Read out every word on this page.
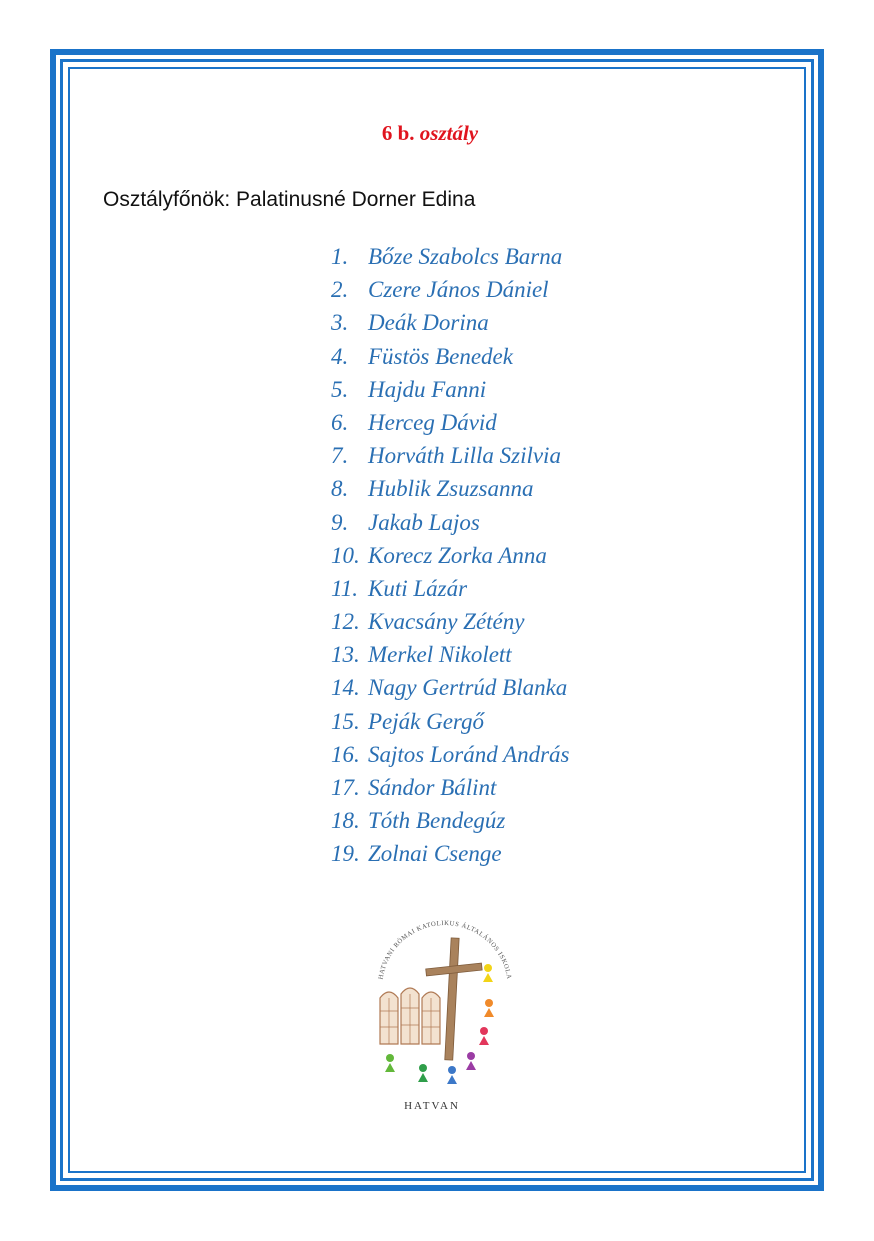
6 b. osztály
Osztályfőnök: Palatinusné Dorner Edina
1. Bőze Szabolcs Barna
2. Czere János Dániel
3. Deák Dorina
4. Füstös Benedek
5. Hajdu Fanni
6. Herceg Dávid
7. Horváth Lilla Szilvia
8. Hublik Zsuzsanna
9. Jakab Lajos
10. Korecz Zorka Anna
11. Kuti Lázár
12. Kvacsány Zétény
13. Merkel Nikolett
14. Nagy Gertrúd Blanka
15. Peják Gergő
16. Sajtos Loránd András
17. Sándor Bálint
18. Tóth Bendegúz
19. Zolnai Csenge
HATVANI RÓMAI KATOLIKUS ÁLTALÁNOS ISKOLA
HATVAN
